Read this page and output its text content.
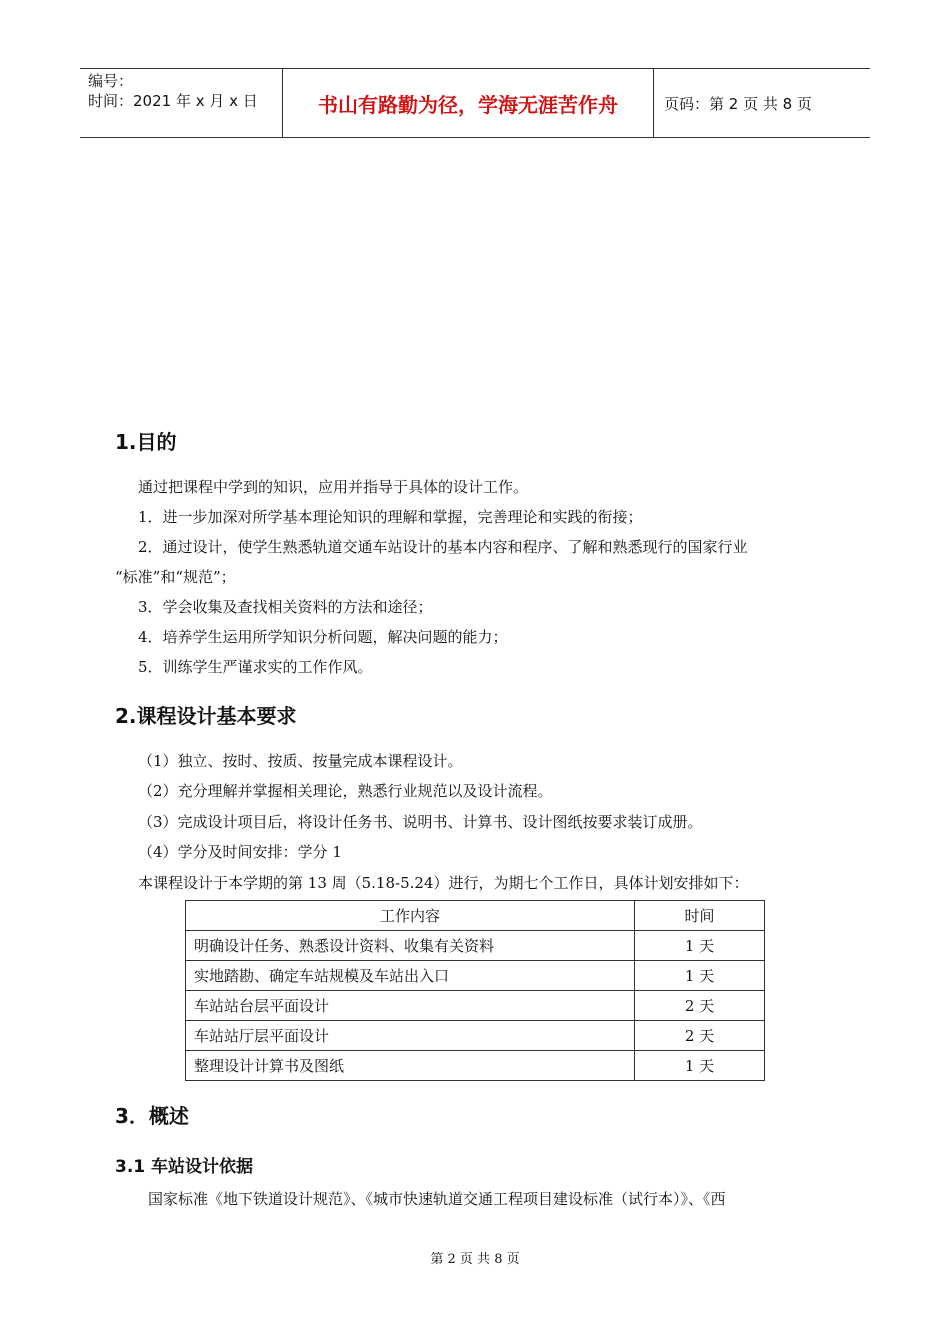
编号：
时间：2021 年 x 月 x 日	书山有路勤为径，学海无涯苦作舟	页码：第 2 页 共 8 页
1.目的
通过把课程中学到的知识，应用并指导于具体的设计工作。
1．进一步加深对所学基本理论知识的理解和掌握，完善理论和实践的衔接；
2．通过设计，使学生熟悉轨道交通车站设计的基本内容和程序、了解和熟悉现行的国家行业
“标准”和“规范”；
3．学会收集及查找相关资料的方法和途径；
4．培养学生运用所学知识分析问题，解决问题的能力；
5．训练学生严谨求实的工作作风。
2.课程设计基本要求
（1）独立、按时、按质、按量完成本课程设计。
（2）充分理解并掌握相关理论，熟悉行业规范以及设计流程。
（3）完成设计项目后，将设计任务书、说明书、计算书、设计图纸按要求装订成册。
（4）学分及时间安排：学分 1
本课程设计于本学期的第 13 周（5.18-5.24）进行，为期七个工作日，具体计划安排如下：
工作内容	时间
明确设计任务、熟悉设计资料、收集有关资料	1 天
实地踏勘、确定车站规模及车站出入口	1 天
车站站台层平面设计	2 天
车站站厅层平面设计	2 天
整理设计计算书及图纸	1 天
3．概述
3.1 车站设计依据
国家标准《地下铁道设计规范》、《城市快速轨道交通工程项目建设标准（试行本）》、《西
第 2 页 共 8 页
